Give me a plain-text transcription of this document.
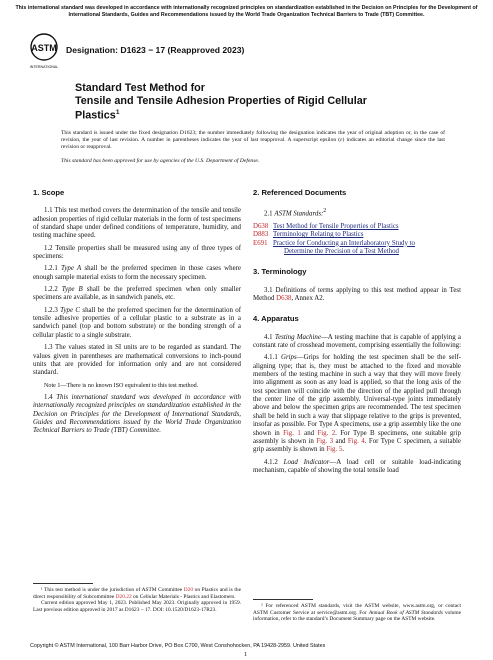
This international standard was developed in accordance with internationally recognized principles on standardization established in the Decision on Principles for the Development of International Standards, Guides and Recommendations issued by the World Trade Organization Technical Barriers to Trade (TBT) Committee.
ASTM
INTERNATIONAL
Designation: D1623 − 17 (Reapproved 2023)
Standard Test Method for
Tensile and Tensile Adhesion Properties of Rigid Cellular
Plastics$^1$
This standard is issued under the fixed designation D1623; the number immediately following the designation indicates the year of original adoption or, in the case of revision, the year of last revision. A number in parentheses indicates the year of last reapproval. A superscript epsilon (ε) indicates an editorial change since the last revision or reapproval.
This standard has been approved for use by agencies of the U.S. Department of Defense.
1. Scope

1.1 This test method covers the determination of the tensile and tensile adhesion properties of rigid cellular materials in the form of test specimens of standard shape under defined conditions of temperature, humidity, and testing machine speed.

1.2 Tensile properties shall be measured using any of three types of specimens:

1.2.1 Type A shall be the preferred specimen in those cases where enough sample material exists to form the necessary specimen.

1.2.2 Type B shall be the preferred specimen when only smaller specimens are available, as in sandwich panels, etc.

1.2.3 Type C shall be the preferred specimen for the determination of tensile adhesive properties of a cellular plastic to a substrate as in a sandwich panel (top and bottom substrate) or the bonding strength of a cellular plastic to a single substrate.

1.3 The values stated in SI units are to be regarded as standard. The values given in parentheses are mathematical conversions to inch-pound units that are provided for information only and are not considered standard.

Note 1—There is no known ISO equivalent to this test method.

1.4 This international standard was developed in accordance with internationally recognized principles on standardization established in the Decision on Principles for the Development of International Standards, Guides and Recommendations issued by the World Trade Organization Technical Barriers to Trade (TBT) Committee.

¹ This test method is under the jurisdiction of ASTM Committee D20 on Plastics and is the direct responsibility of Subcommittee D20.22 on Cellular Materials - Plastics and Elastomers.
Current edition approved May 1, 2023. Published May 2023. Originally approved in 1959. Last previous edition approved in 2017 as D1623 – 17. DOI: 10.1520/D1623-17R23.
2. Referenced Documents

2.1 ASTM Standards:$^2$

D638 Test Method for Tensile Properties of Plastics
D883 Terminology Relating to Plastics
E691 Practice for Conducting an Interlaboratory Study to
Determine the Precision of a Test Method
3. Terminology

3.1 Definitions of terms applying to this test method appear in Test Method D638, Annex A2.

4. Apparatus

4.1 Testing Machine—A testing machine that is capable of applying a constant rate of crosshead movement, comprising essentially the following:

4.1.1 Grips—Grips for holding the test specimen shall be the self-aligning type; that is, they must be attached to the fixed and movable members of the testing machine in such a way that they will move freely into alignment as soon as any load is applied, so that the long axis of the test specimen will coincide with the direction of the applied pull through the center line of the grip assembly. Universal-type joints immediately above and below the specimen grips are recommended. The test specimen shall be held in such a way that slippage relative to the grips is prevented, insofar as possible. For Type A specimens, use a grip assembly like the one shown in Fig. 1 and Fig. 2. For Type B specimens, one suitable grip assembly is shown in Fig. 3 and Fig. 4. For Type C specimen, a suitable grip assembly is shown in Fig. 5.

4.1.2 Load Indicator—A load cell or suitable load-indicating mechanism, capable of showing the total tensile load

² For referenced ASTM standards, visit the ASTM website, www.astm.org, or contact ASTM Customer Service at service@astm.org. For Annual Book of ASTM Standards volume information, refer to the standard’s Document Summary page on the ASTM website.
Copyright © ASTM International, 100 Barr Harbor Drive, PO Box C700, West Conshohocken, PA 19428-2959. United States
1
